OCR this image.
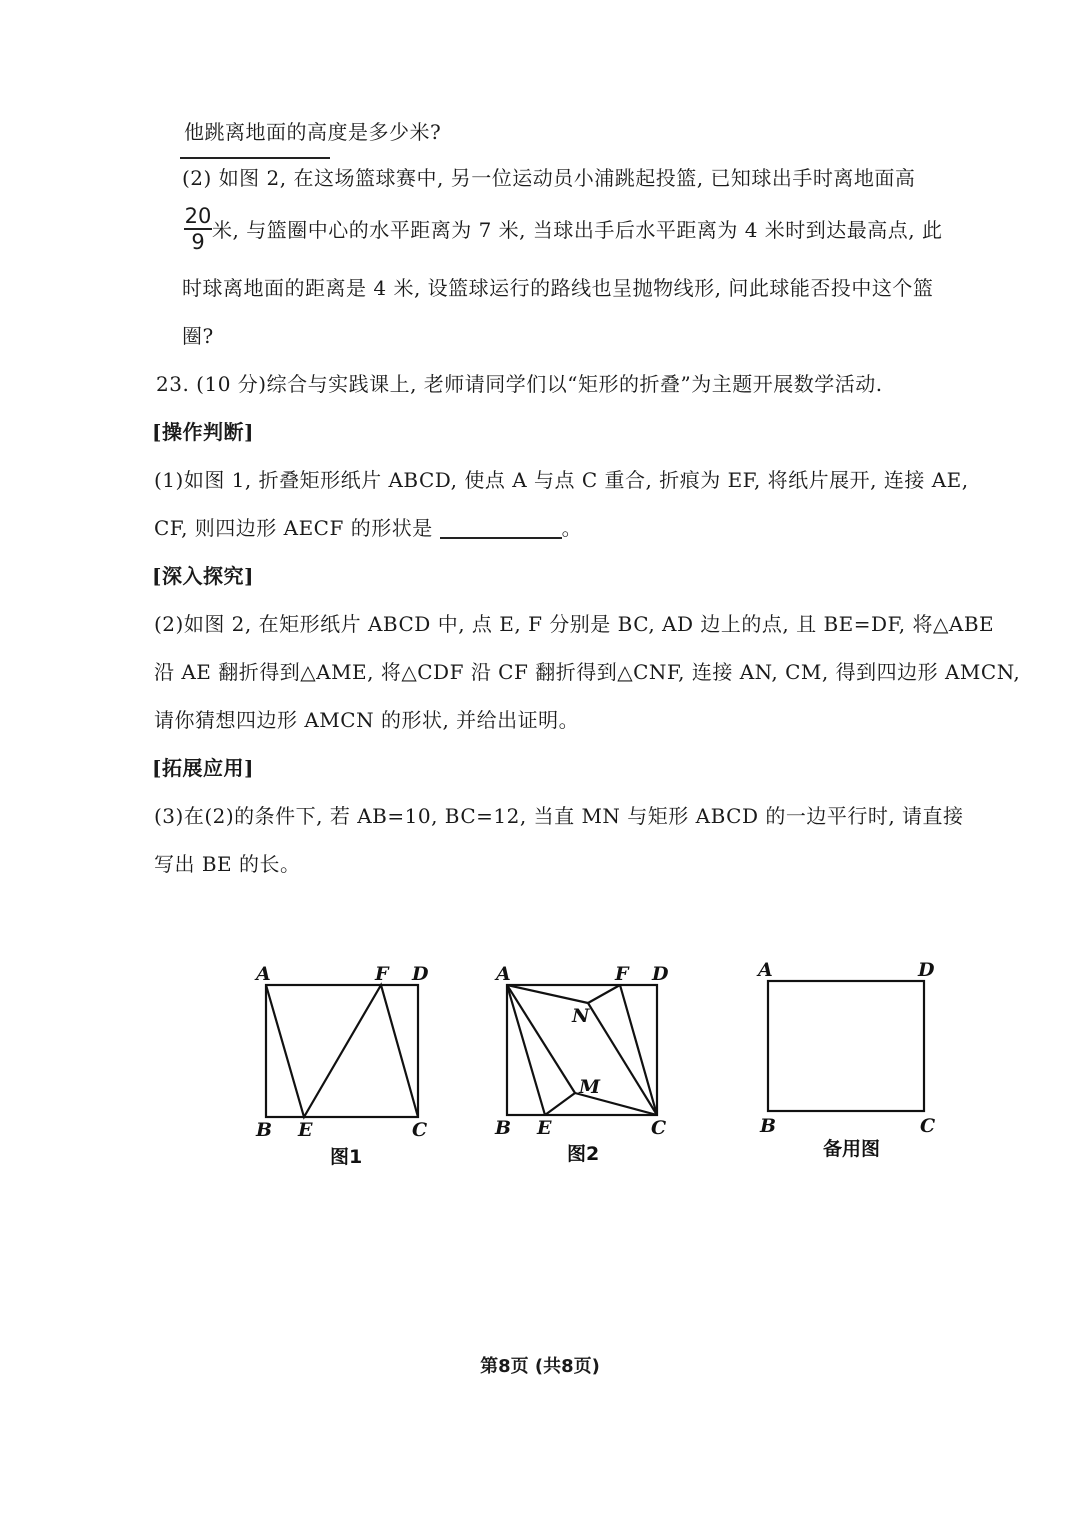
他跳离地面的高度是多少米?
(2) 如图 2, 在这场篮球赛中, 另一位运动员小浦跳起投篮, 已知球出手时离地面高
20
9 米, 与篮圈中心的水平距离为 7 米, 当球出手后水平距离为 4 米时到达最高点, 此
时球离地面的距离是 4 米, 设篮球运行的路线也呈抛物线形, 问此球能否投中这个篮
圈?
23. (10 分)综合与实践课上, 老师请同学们以“矩形的折叠”为主题开展数学活动.
[操作判断]
(1)如图 1, 折叠矩形纸片 ABCD, 使点 A 与点 C 重合, 折痕为 EF, 将纸片展开, 连接 AE,
CF, 则四边形 AECF 的形状是	。
[深入探究]
(2)如图 2, 在矩形纸片 ABCD 中, 点 E, F 分别是 BC, AD 边上的点, 且 BE=DF, 将△ABE
沿 AE 翻折得到△AME, 将△CDF 沿 CF 翻折得到△CNF, 连接 AN, CM, 得到四边形 AMCN,
请你猜想四边形 AMCN 的形状, 并给出证明。
[拓展应用]
(3)在(2)的条件下, 若 AB=10, BC=12, 当直 MN 与矩形 ABCD 的一边平行时, 请直接
写出 BE 的长。
A	F D
B E	C
图1
A	F D
N
M
B E	C
图2
A	D
B	C
备用图
第8页 (共8页)
